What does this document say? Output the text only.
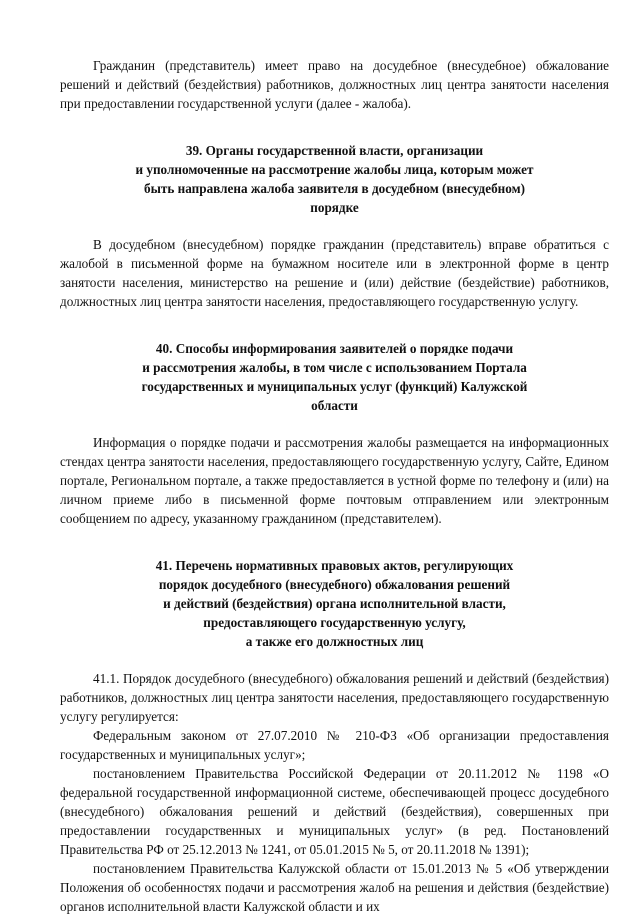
Гражданин (представитель) имеет право на досудебное (внесудебное) обжалование решений и действий (бездействия) работников, должностных лиц центра занятости населения при предоставлении государственной услуги (далее - жалоба).

39. Органы государственной власти, организации
и уполномоченные на рассмотрение жалобы лица, которым может
быть направлена жалоба заявителя в досудебном (внесудебном)
порядке

В досудебном (внесудебном) порядке гражданин (представитель) вправе обратиться с жалобой в письменной форме на бумажном носителе или в электронной форме в центр занятости населения, министерство на решение и (или) действие (бездействие) работников, должностных лиц центра занятости населения, предоставляющего государственную услугу.

40. Способы информирования заявителей о порядке подачи
и рассмотрения жалобы, в том числе с использованием Портала
государственных и муниципальных услуг (функций) Калужской
области

Информация о порядке подачи и рассмотрения жалобы размещается на информационных стендах центра занятости населения, предоставляющего государственную услугу, Сайте, Едином портале, Региональном портале, а также предоставляется в устной форме по телефону и (или) на личном приеме либо в письменной форме почтовым отправлением или электронным сообщением по адресу, указанному гражданином (представителем).

41. Перечень нормативных правовых актов, регулирующих
порядок досудебного (внесудебного) обжалования решений
и действий (бездействия) органа исполнительной власти,
предоставляющего государственную услугу,
а также его должностных лиц

41.1. Порядок досудебного (внесудебного) обжалования решений и действий (бездействия) работников, должностных лиц центра занятости населения, предоставляющего государственную услугу регулируется:

Федеральным законом от 27.07.2010 № 210-ФЗ «Об организации предоставления государственных и муниципальных услуг»;

постановлением Правительства Российской Федерации от 20.11.2012 № 1198 «О федеральной государственной информационной системе, обеспечивающей процесс досудебного (внесудебного) обжалования решений и действий (бездействия), совершенных при предоставлении государственных и муниципальных услуг» (в ред. Постановлений Правительства РФ от 25.12.2013 № 1241, от 05.01.2015 № 5, от 20.11.2018 № 1391);

постановлением Правительства Калужской области от 15.01.2013 № 5 «Об утверждении Положения об особенностях подачи и рассмотрения жалоб на решения и действия (бездействие) органов исполнительной власти Калужской области и их
